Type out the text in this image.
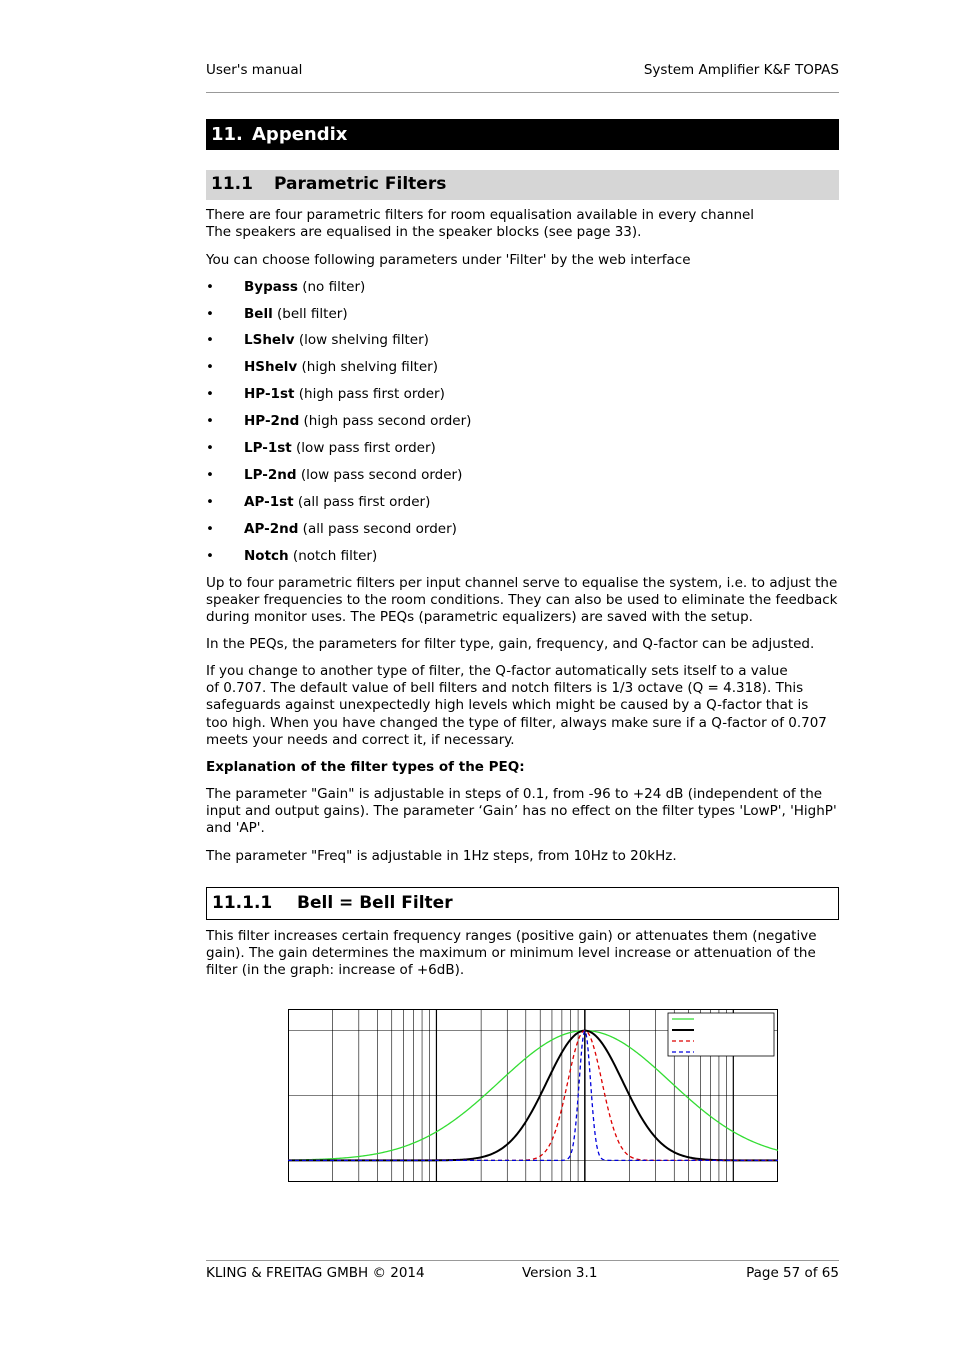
User's manual	System Amplifier K&F TOPAS
11. Appendix
11.1 Parametric Filters
There are four parametric filters for room equalisation available in every channel
The speakers are equalised in the speaker blocks (see page 33).
You can choose following parameters under 'Filter' by the web interface
• Bypass (no filter)
• Bell (bell filter)
• LShelv (low shelving filter)
• HShelv (high shelving filter)
• HP-1st (high pass first order)
• HP-2nd (high pass second order)
• LP-1st (low pass first order)
• LP-2nd (low pass second order)
• AP-1st (all pass first order)
• AP-2nd (all pass second order)
• Notch (notch filter)
Up to four parametric filters per input channel serve to equalise the system, i.e. to adjust the
speaker frequencies to the room conditions. They can also be used to eliminate the feedback
during monitor uses. The PEQs (parametric equalizers) are saved with the setup.
In the PEQs, the parameters for filter type, gain, frequency, and Q-factor can be adjusted.
If you change to another type of filter, the Q-factor automatically sets itself to a value
of 0.707. The default value of bell filters and notch filters is 1/3 octave (Q = 4.318). This
safeguards against unexpectedly high levels which might be caused by a Q-factor that is
too high. When you have changed the type of filter, always make sure if a Q-factor of 0.707
meets your needs and correct it, if necessary.
Explanation of the filter types of the PEQ:
The parameter "Gain" is adjustable in steps of 0.1, from -96 to +24 dB (independent of the
input and output gains). The parameter ‘Gain’ has no effect on the filter types 'LowP', 'HighP'
and 'AP'.
The parameter "Freq" is adjustable in 1Hz steps, from 10Hz to 20kHz.
11.1.1 Bell = Bell Filter
This filter increases certain frequency ranges (positive gain) or attenuates them (negative
gain). The gain determines the maximum or minimum level increase or attenuation of the
filter (in the graph: increase of +6dB).
KLING & FREITAG GMBH © 2014	Version 3.1	Page 57 of 65
